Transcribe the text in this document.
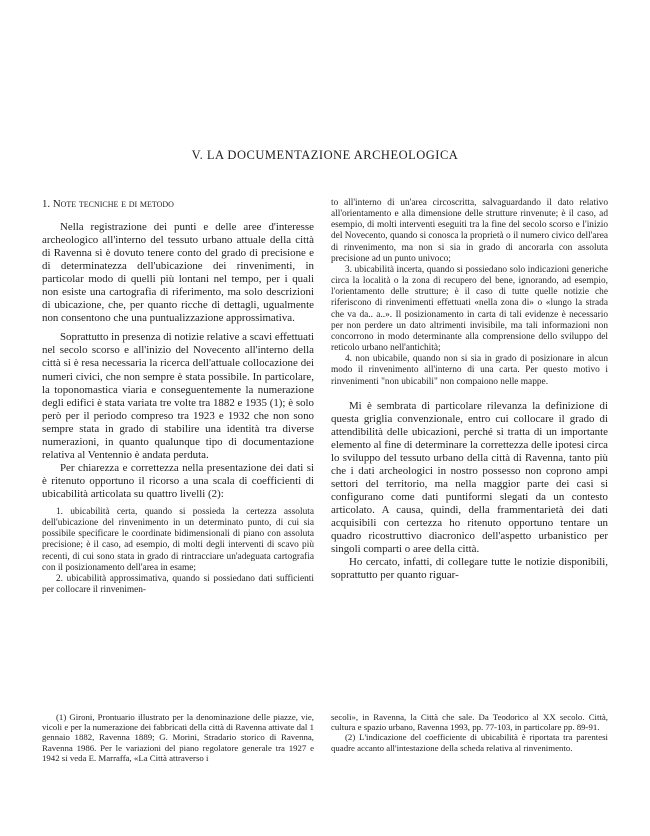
V. LA DOCUMENTAZIONE ARCHEOLOGICA
1. Note tecniche e di metodo

Nella registrazione dei punti e delle aree d'interesse archeologico all'interno del tessuto urbano attuale della città di Ravenna si è dovuto tenere conto del grado di precisione e di determinatezza dell'ubicazione dei rinvenimenti, in particolar modo di quelli più lontani nel tempo, per i quali non esiste una cartografia di riferimento, ma solo descrizioni di ubicazione, che, per quanto ricche di dettagli, ugualmente non consentono che una puntualizzazione approssimativa.

Soprattutto in presenza di notizie relative a scavi effettuati nel secolo scorso e all'inizio del Novecento all'interno della città si è resa necessaria la ricerca dell'attuale collocazione dei numeri civici, che non sempre è stata possibile. In particolare, la toponomastica viaria e conseguentemente la numerazione degli edifici è stata variata tre volte tra 1882 e 1935 (1); è solo però per il periodo compreso tra 1923 e 1932 che non sono sempre stata in grado di stabilire una identità tra diverse numerazioni, in quanto qualunque tipo di documentazione relativa al Ventennio è andata perduta.

Per chiarezza e correttezza nella presentazione dei dati si è ritenuto opportuno il ricorso a una scala di coefficienti di ubicabilità articolata su quattro livelli (2):

1. ubicabilità certa, quando si possieda la certezza assoluta dell'ubicazione del rinvenimento in un determinato punto, di cui sia possibile specificare le coordinate bidimensionali di piano con assoluta precisione; è il caso, ad esempio, di molti degli interventi di scavo più recenti, di cui sono stata in grado di rintracciare un'adeguata cartografia con il posizionamento dell'area in esame;

2. ubicabilità approssimativa, quando si possiedano dati sufficienti per collocare il rinvenimen-

to all'interno di un'area circoscritta, salvaguardando il dato relativo all'orientamento e alla dimensione delle strutture rinvenute; è il caso, ad esempio, di molti interventi eseguiti tra la fine del secolo scorso e l'inizio del Novecento, quando si conosca la proprietà o il numero civico dell'area di rinvenimento, ma non si sia in grado di ancorarla con assoluta precisione ad un punto univoco;

3. ubicabilità incerta, quando si possiedano solo indicazioni generiche circa la località o la zona di recupero del bene, ignorando, ad esempio, l'orientamento delle strutture; è il caso di tutte quelle notizie che riferiscono di rinvenimenti effettuati «nella zona di» o «lungo la strada che va da.. a..». Il posizionamento in carta di tali evidenze è necessario per non perdere un dato altrimenti invisibile, ma tali informazioni non concorrono in modo determinante alla comprensione dello sviluppo del reticolo urbano nell'antichità;

4. non ubicabile, quando non si sia in grado di posizionare in alcun modo il rinvenimento all'interno di una carta. Per questo motivo i rinvenimenti "non ubicabili" non compaiono nelle mappe.

Mi è sembrata di particolare rilevanza la definizione di questa griglia convenzionale, entro cui collocare il grado di attendibilità delle ubicazioni, perché si tratta di un importante elemento al fine di determinare la correttezza delle ipotesi circa lo sviluppo del tessuto urbano della città di Ravenna, tanto più che i dati archeologici in nostro possesso non coprono ampi settori del territorio, ma nella maggior parte dei casi si configurano come dati puntiformi slegati da un contesto articolato. A causa, quindi, della frammentarietà dei dati acquisibili con certezza ho ritenuto opportuno tentare un quadro ricostruttivo diacronico dell'aspetto urbanistico per singoli comparti o aree della città.

Ho cercato, infatti, di collegare tutte le notizie disponibili, soprattutto per quanto riguar-

(1) Gironi, Prontuario illustrato per la denominazione delle piazze, vie, vicoli e per la numerazione dei fabbricati della città di Ravenna attivate dal 1 gennaio 1882, Ravenna 1889; G. Morini, Stradario storico di Ravenna, Ravenna 1986. Per le variazioni del piano regolatore generale tra 1927 e 1942 si veda E. Marraffa, «La Città attraverso i

secoli», in Ravenna, la Città che sale. Da Teodorico al XX secolo. Città, cultura e spazio urbano, Ravenna 1993, pp. 77-103, in particolare pp. 89-91.

(2) L'indicazione del coefficiente di ubicabilità è riportata tra parentesi quadre accanto all'intestazione della scheda relativa al rinvenimento.
